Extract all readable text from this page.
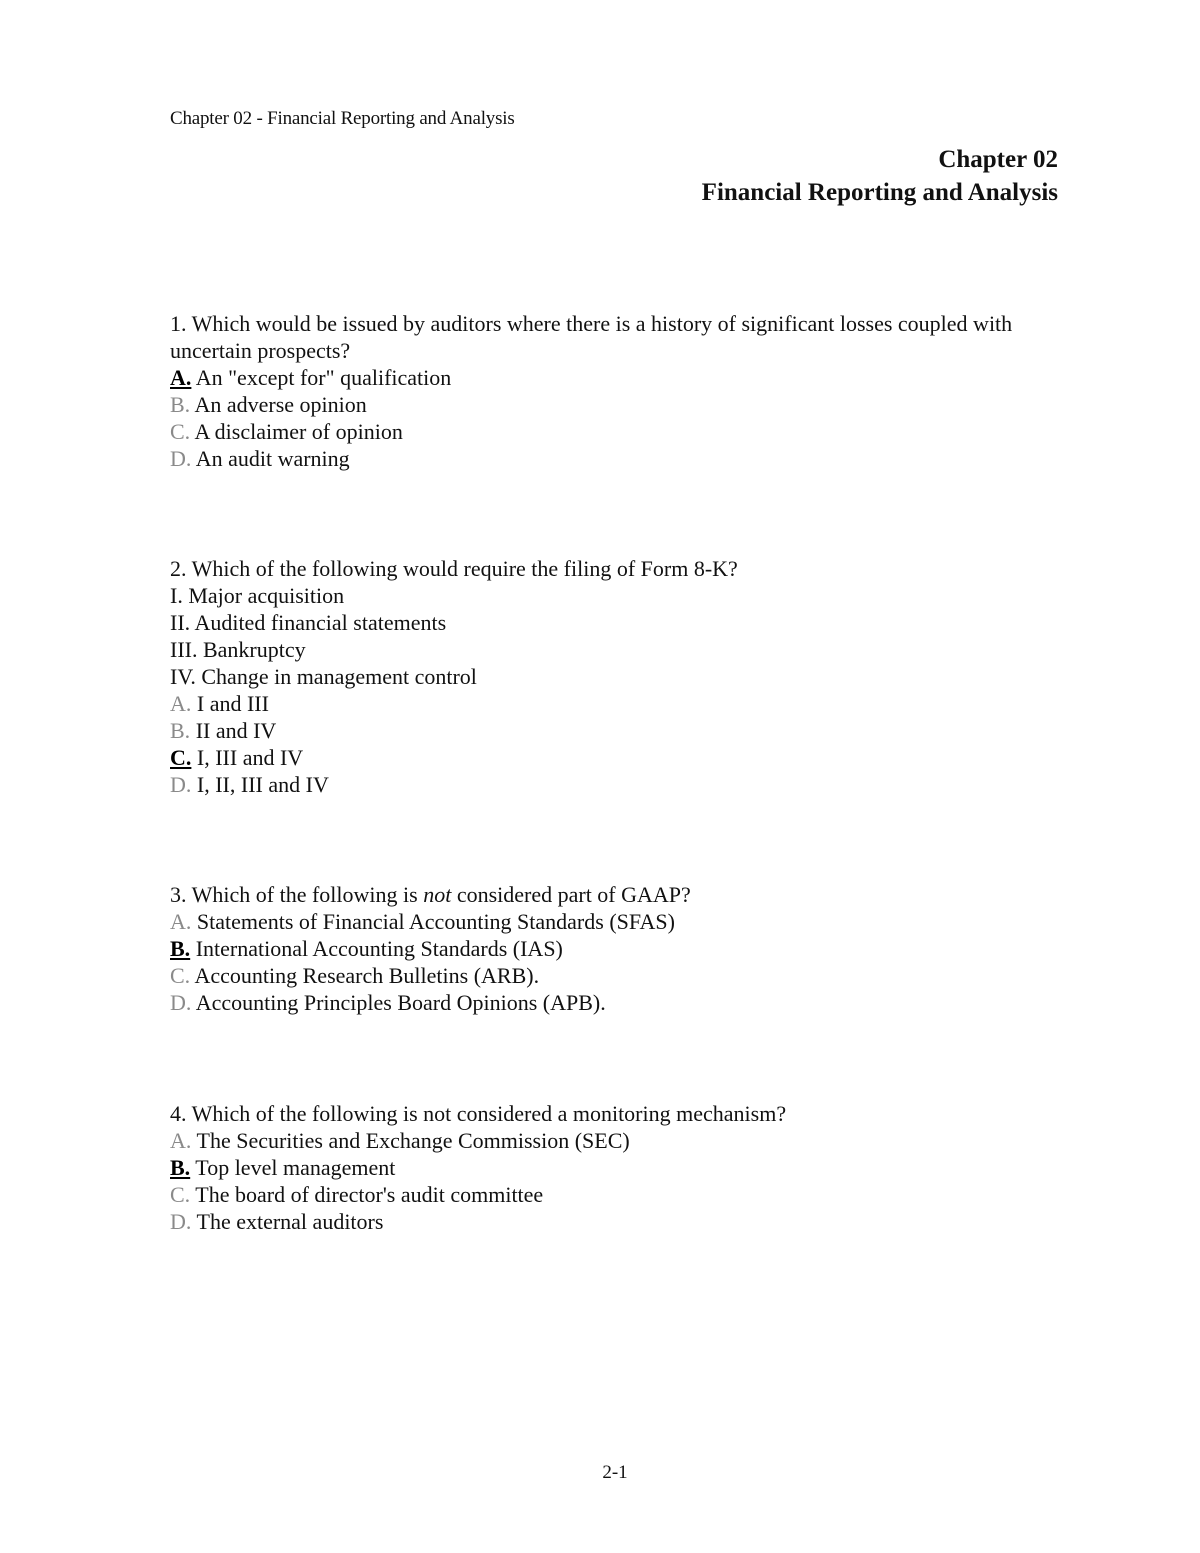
Chapter 02 - Financial Reporting and Analysis
Chapter 02
Financial Reporting and Analysis
1. Which would be issued by auditors where there is a history of significant losses coupled with uncertain prospects?
A. An "except for" qualification
B. An adverse opinion
C. A disclaimer of opinion
D. An audit warning
2. Which of the following would require the filing of Form 8-K?
I. Major acquisition
II. Audited financial statements
III. Bankruptcy
IV. Change in management control
A. I and III
B. II and IV
C. I, III and IV
D. I, II, III and IV
3. Which of the following is not considered part of GAAP?
A. Statements of Financial Accounting Standards (SFAS)
B. International Accounting Standards (IAS)
C. Accounting Research Bulletins (ARB).
D. Accounting Principles Board Opinions (APB).
4. Which of the following is not considered a monitoring mechanism?
A. The Securities and Exchange Commission (SEC)
B. Top level management
C. The board of director's audit committee
D. The external auditors
2-1
